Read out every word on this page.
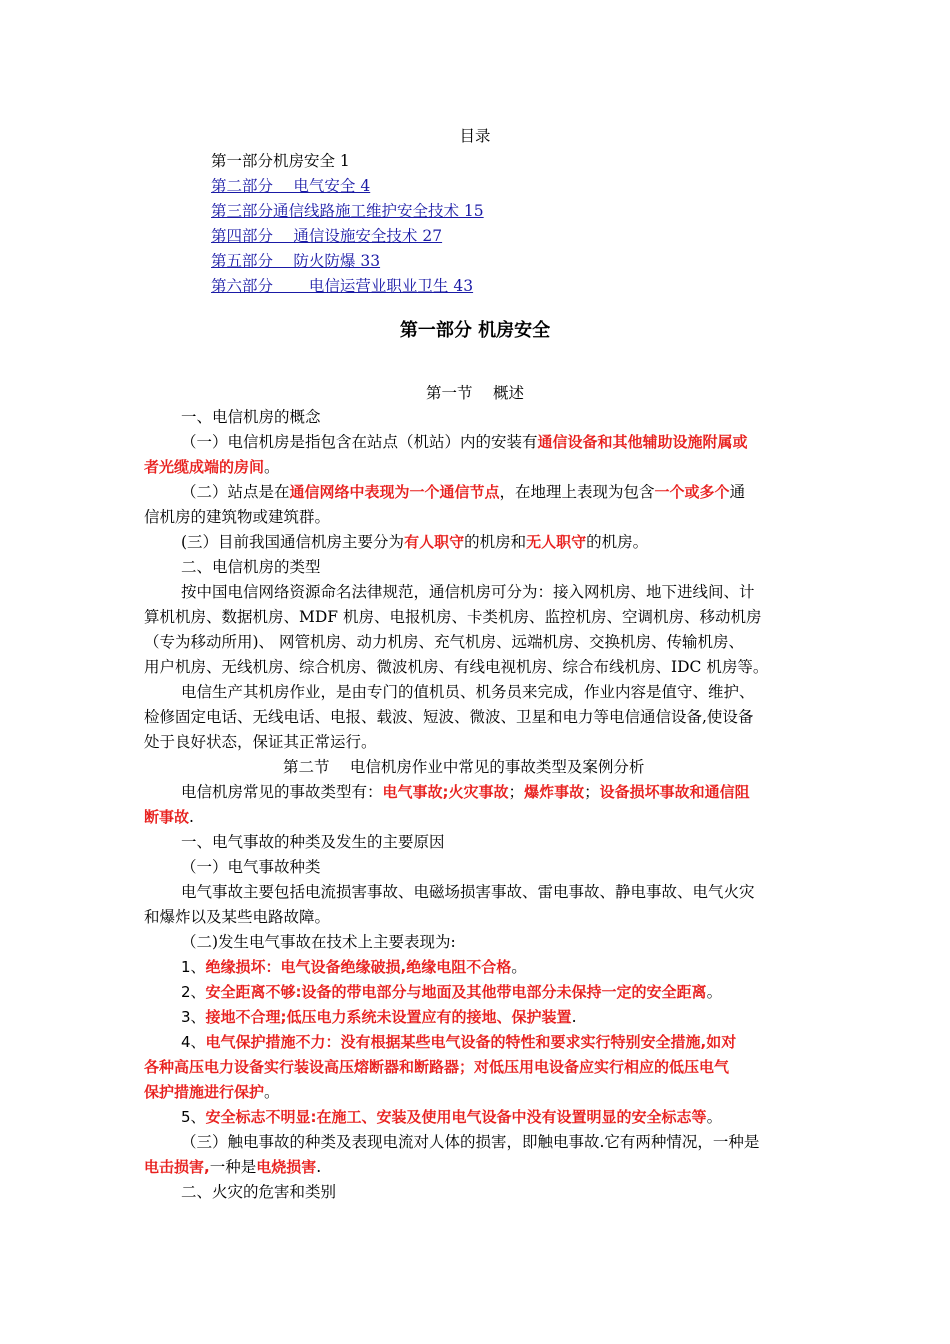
目录
第一部分机房安全 1
第二部分　 电气安全 4
第三部分通信线路施工维护安全技术 15
第四部分　 通信设施安全技术 27
第五部分　 防火防爆 33
第六部分　　 电信运营业职业卫生 43
第一部分 机房安全
第一节　 概述
一、电信机房的概念
（一）电信机房是指包含在站点（机站）内的安装有通信设备和其他辅助设施附属或
者光缆成端的房间。
（二）站点是在通信网络中表现为一个通信节点，在地理上表现为包含一个或多个通
信机房的建筑物或建筑群。
(三）目前我国通信机房主要分为有人职守的机房和无人职守的机房。
二、电信机房的类型
按中国电信网络资源命名法律规范，通信机房可分为：接入网机房、地下进线间、计
算机机房、数据机房、MDF 机房、电报机房、卡类机房、监控机房、空调机房、移动机房
（专为移动所用)、 网管机房、动力机房、充气机房、远端机房、交换机房、传输机房、
用户机房、无线机房、综合机房、微波机房、有线电视机房、综合布线机房、IDC 机房等。
电信生产其机房作业，是由专门的值机员、机务员来完成，作业内容是值守、维护、
检修固定电话、无线电话、电报、载波、短波、微波、卫星和电力等电信通信设备,使设备
处于良好状态，保证其正常运行。
第二节　 电信机房作业中常见的事故类型及案例分析
电信机房常见的事故类型有：电气事故;火灾事故；爆炸事故；设备损坏事故和通信阻
断事故.
一、电气事故的种类及发生的主要原因
（一）电气事故种类
电气事故主要包括电流损害事故、电磁场损害事故、雷电事故、静电事故、电气火灾
和爆炸以及某些电路故障。
（二)发生电气事故在技术上主要表现为:
1、绝缘损坏：电气设备绝缘破损,绝缘电阻不合格。
2、安全距离不够:设备的带电部分与地面及其他带电部分未保持一定的安全距离。
3、接地不合理;低压电力系统未设置应有的接地、保护装置.
4、电气保护措施不力：没有根据某些电气设备的特性和要求实行特别安全措施,如对
各种高压电力设备实行装设高压熔断器和断路器；对低压用电设备应实行相应的低压电气
保护措施进行保护。
5、安全标志不明显:在施工、安装及使用电气设备中没有设置明显的安全标志等。
（三）触电事故的种类及表现电流对人体的损害，即触电事故.它有两种情况，一种是
电击损害,一种是电烧损害.
二、火灾的危害和类别
